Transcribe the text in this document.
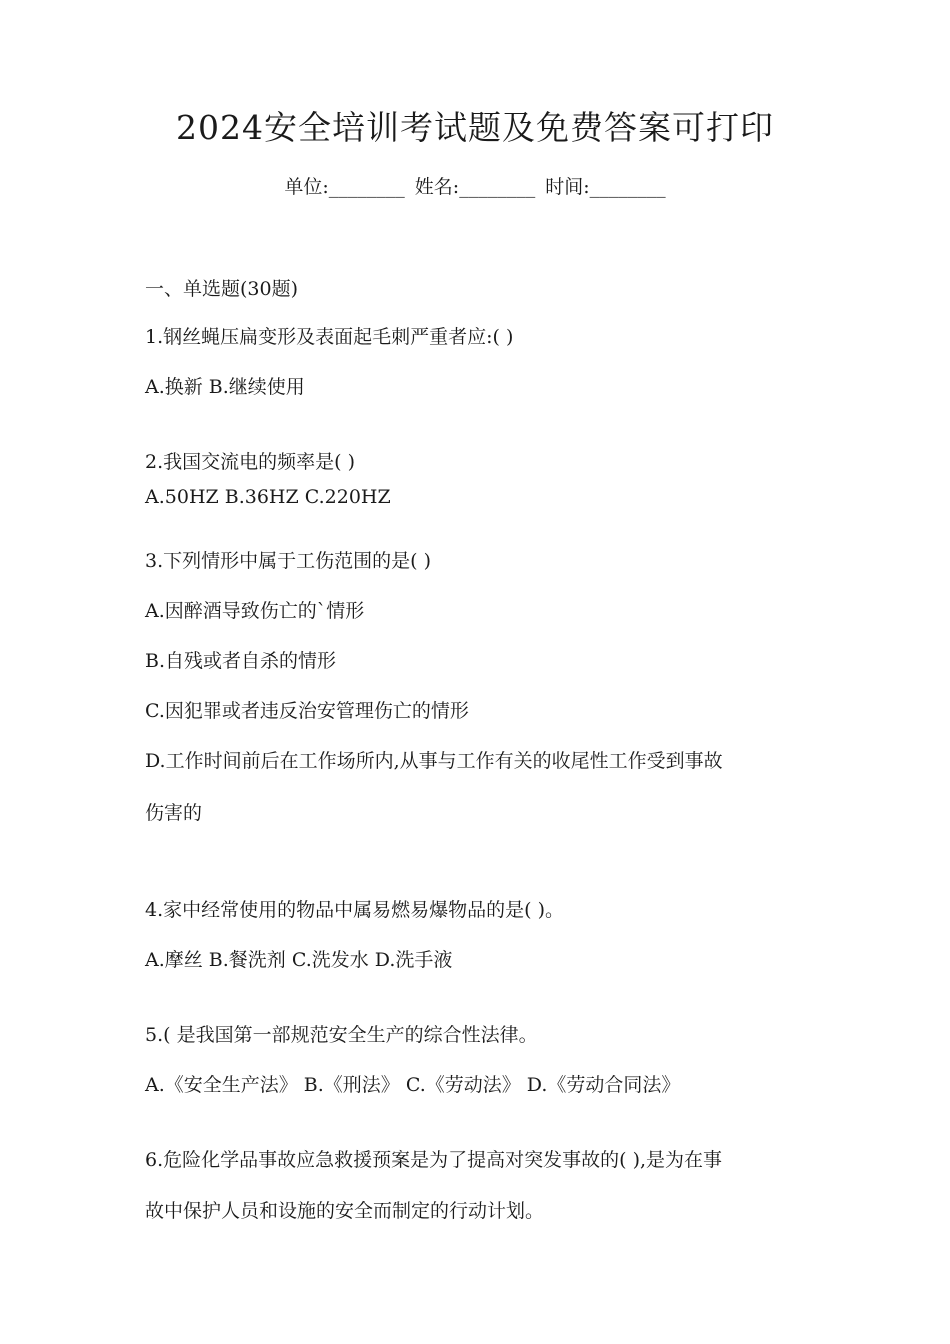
2024安全培训考试题及免费答案可打印
单位:________ 姓名:________ 时间:________
一、单选题(30题)
1.钢丝蝇压扁变形及表面起毛刺严重者应:( )
A.换新 B.继续使用
2.我国交流电的频率是( )
A.50HZ B.36HZ C.220HZ
3.下列情形中属于工伤范围的是( )
A.因醉酒导致伤亡的`情形
B.自残或者自杀的情形
C.因犯罪或者违反治安管理伤亡的情形
D.工作时间前后在工作场所内,从事与工作有关的收尾性工作受到事故
伤害的
4.家中经常使用的物品中属易燃易爆物品的是( )。
A.摩丝 B.餐洗剂 C.洗发水 D.洗手液
5.( 是我国第一部规范安全生产的综合性法律。
A.《安全生产法》 B.《刑法》 C.《劳动法》 D.《劳动合同法》
6.危险化学品事故应急救援预案是为了提高对突发事故的( ),是为在事
故中保护人员和设施的安全而制定的行动计划。
